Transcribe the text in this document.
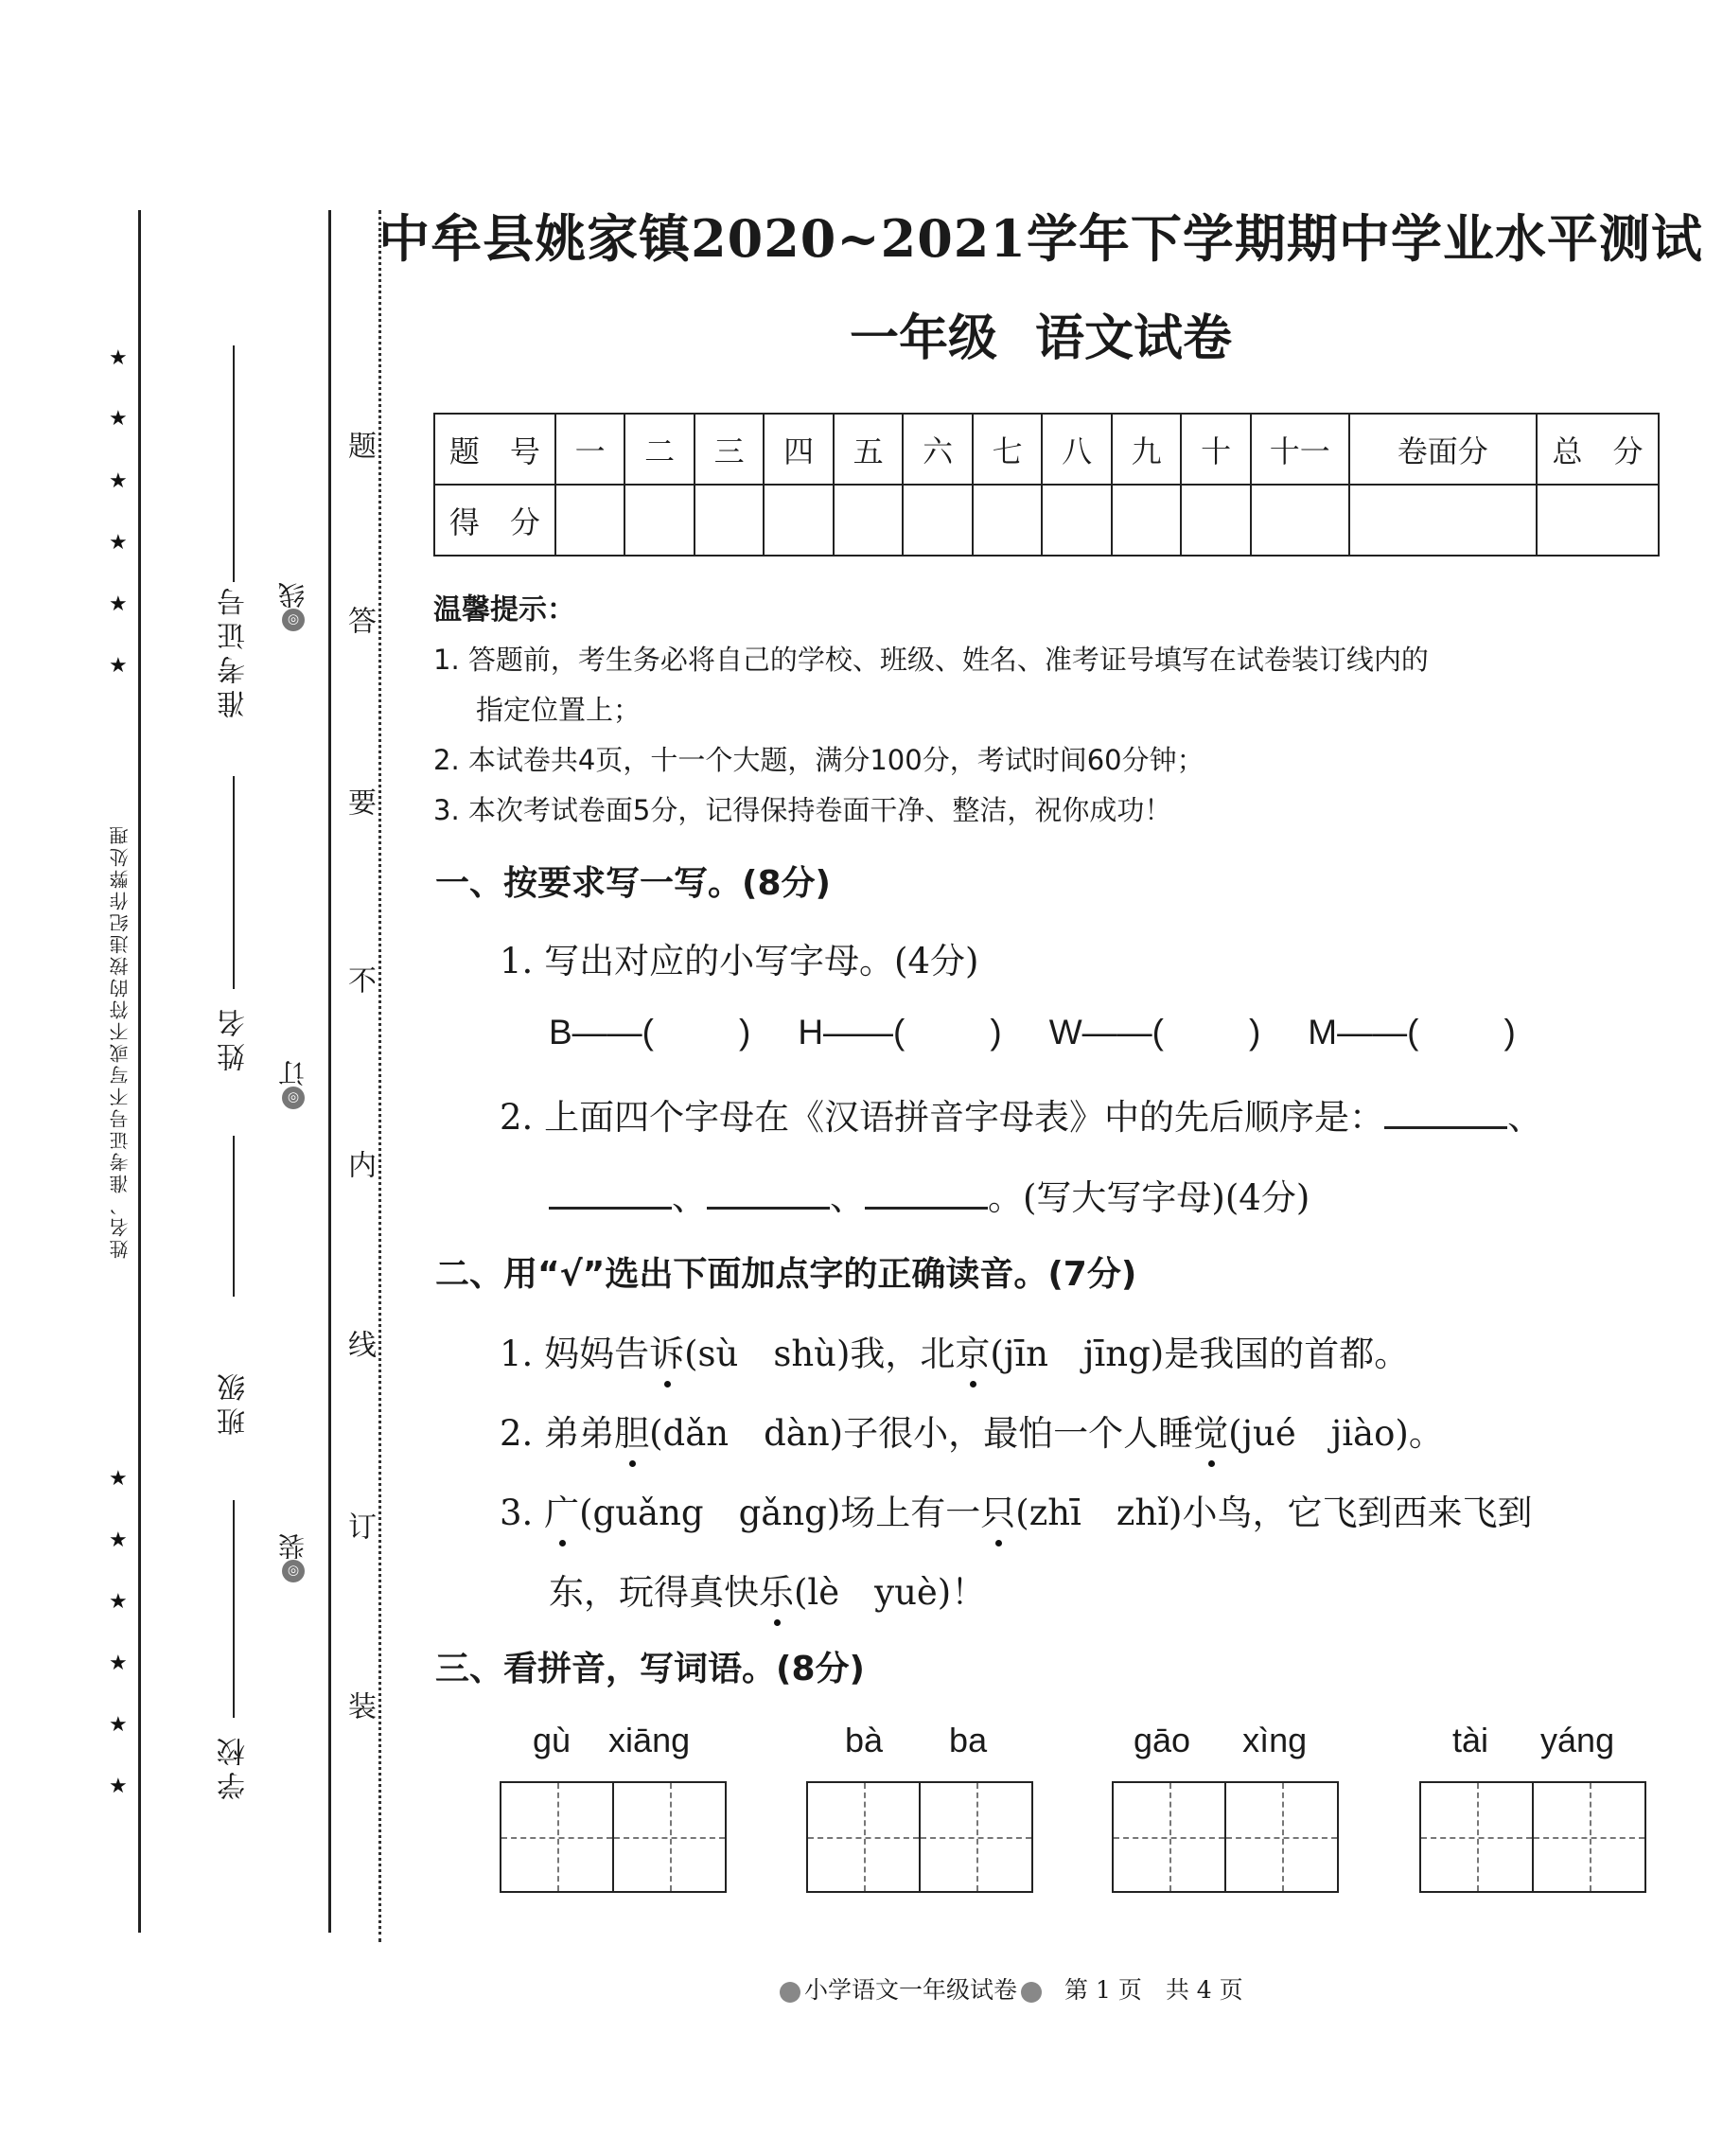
★
★
★
★
★
★
★
★
★
★
★
★
姓名、准考证号不写或不符的按违纪作弊处理
准考证号
姓名
班级
学校
◎线
◎订
◎装
题
答
要
不
内
线
订
装
中牟县姚家镇2020~2021学年下学期期中学业水平测试
一年级 语文试卷
题　号	一	二	三	四	五	六	七	八	九	十	十一	卷面分	总　分
得　分													
温馨提示：
1. 答题前，考生务必将自己的学校、班级、姓名、准考证号填写在试卷装订线内的
指定位置上；
2. 本试卷共4页，十一个大题，满分100分，考试时间60分钟；
3. 本次考试卷面5分，记得保持卷面干净、整洁，祝你成功！
一、按要求写一写。(8分)
1. 写出对应的小写字母。(4分)
B——( ) H——( ) W——( ) M——( )
2. 上面四个字母在《汉语拼音字母表》中的先后顺序是：	、
、	、	。(写大写字母)(4分)
二、用“√”选出下面加点字的正确读音。(7分)
1. 妈妈告诉(sù　shù)我，北京(jīn　jīng)是我国的首都。
2. 弟弟胆(dǎn　dàn)子很小，最怕一个人睡觉(jué　jiào)。
3. 广(guǎng　gǎng)场上有一只(zhī　zhǐ)小鸟，它飞到西来飞到
东，玩得真快乐(lè　yuè)！
三、看拼音，写词语。(8分)
gù xiāng	bà ba	gāo xìng	tài yáng
小学语文一年级试卷 第 1 页　共 4 页
